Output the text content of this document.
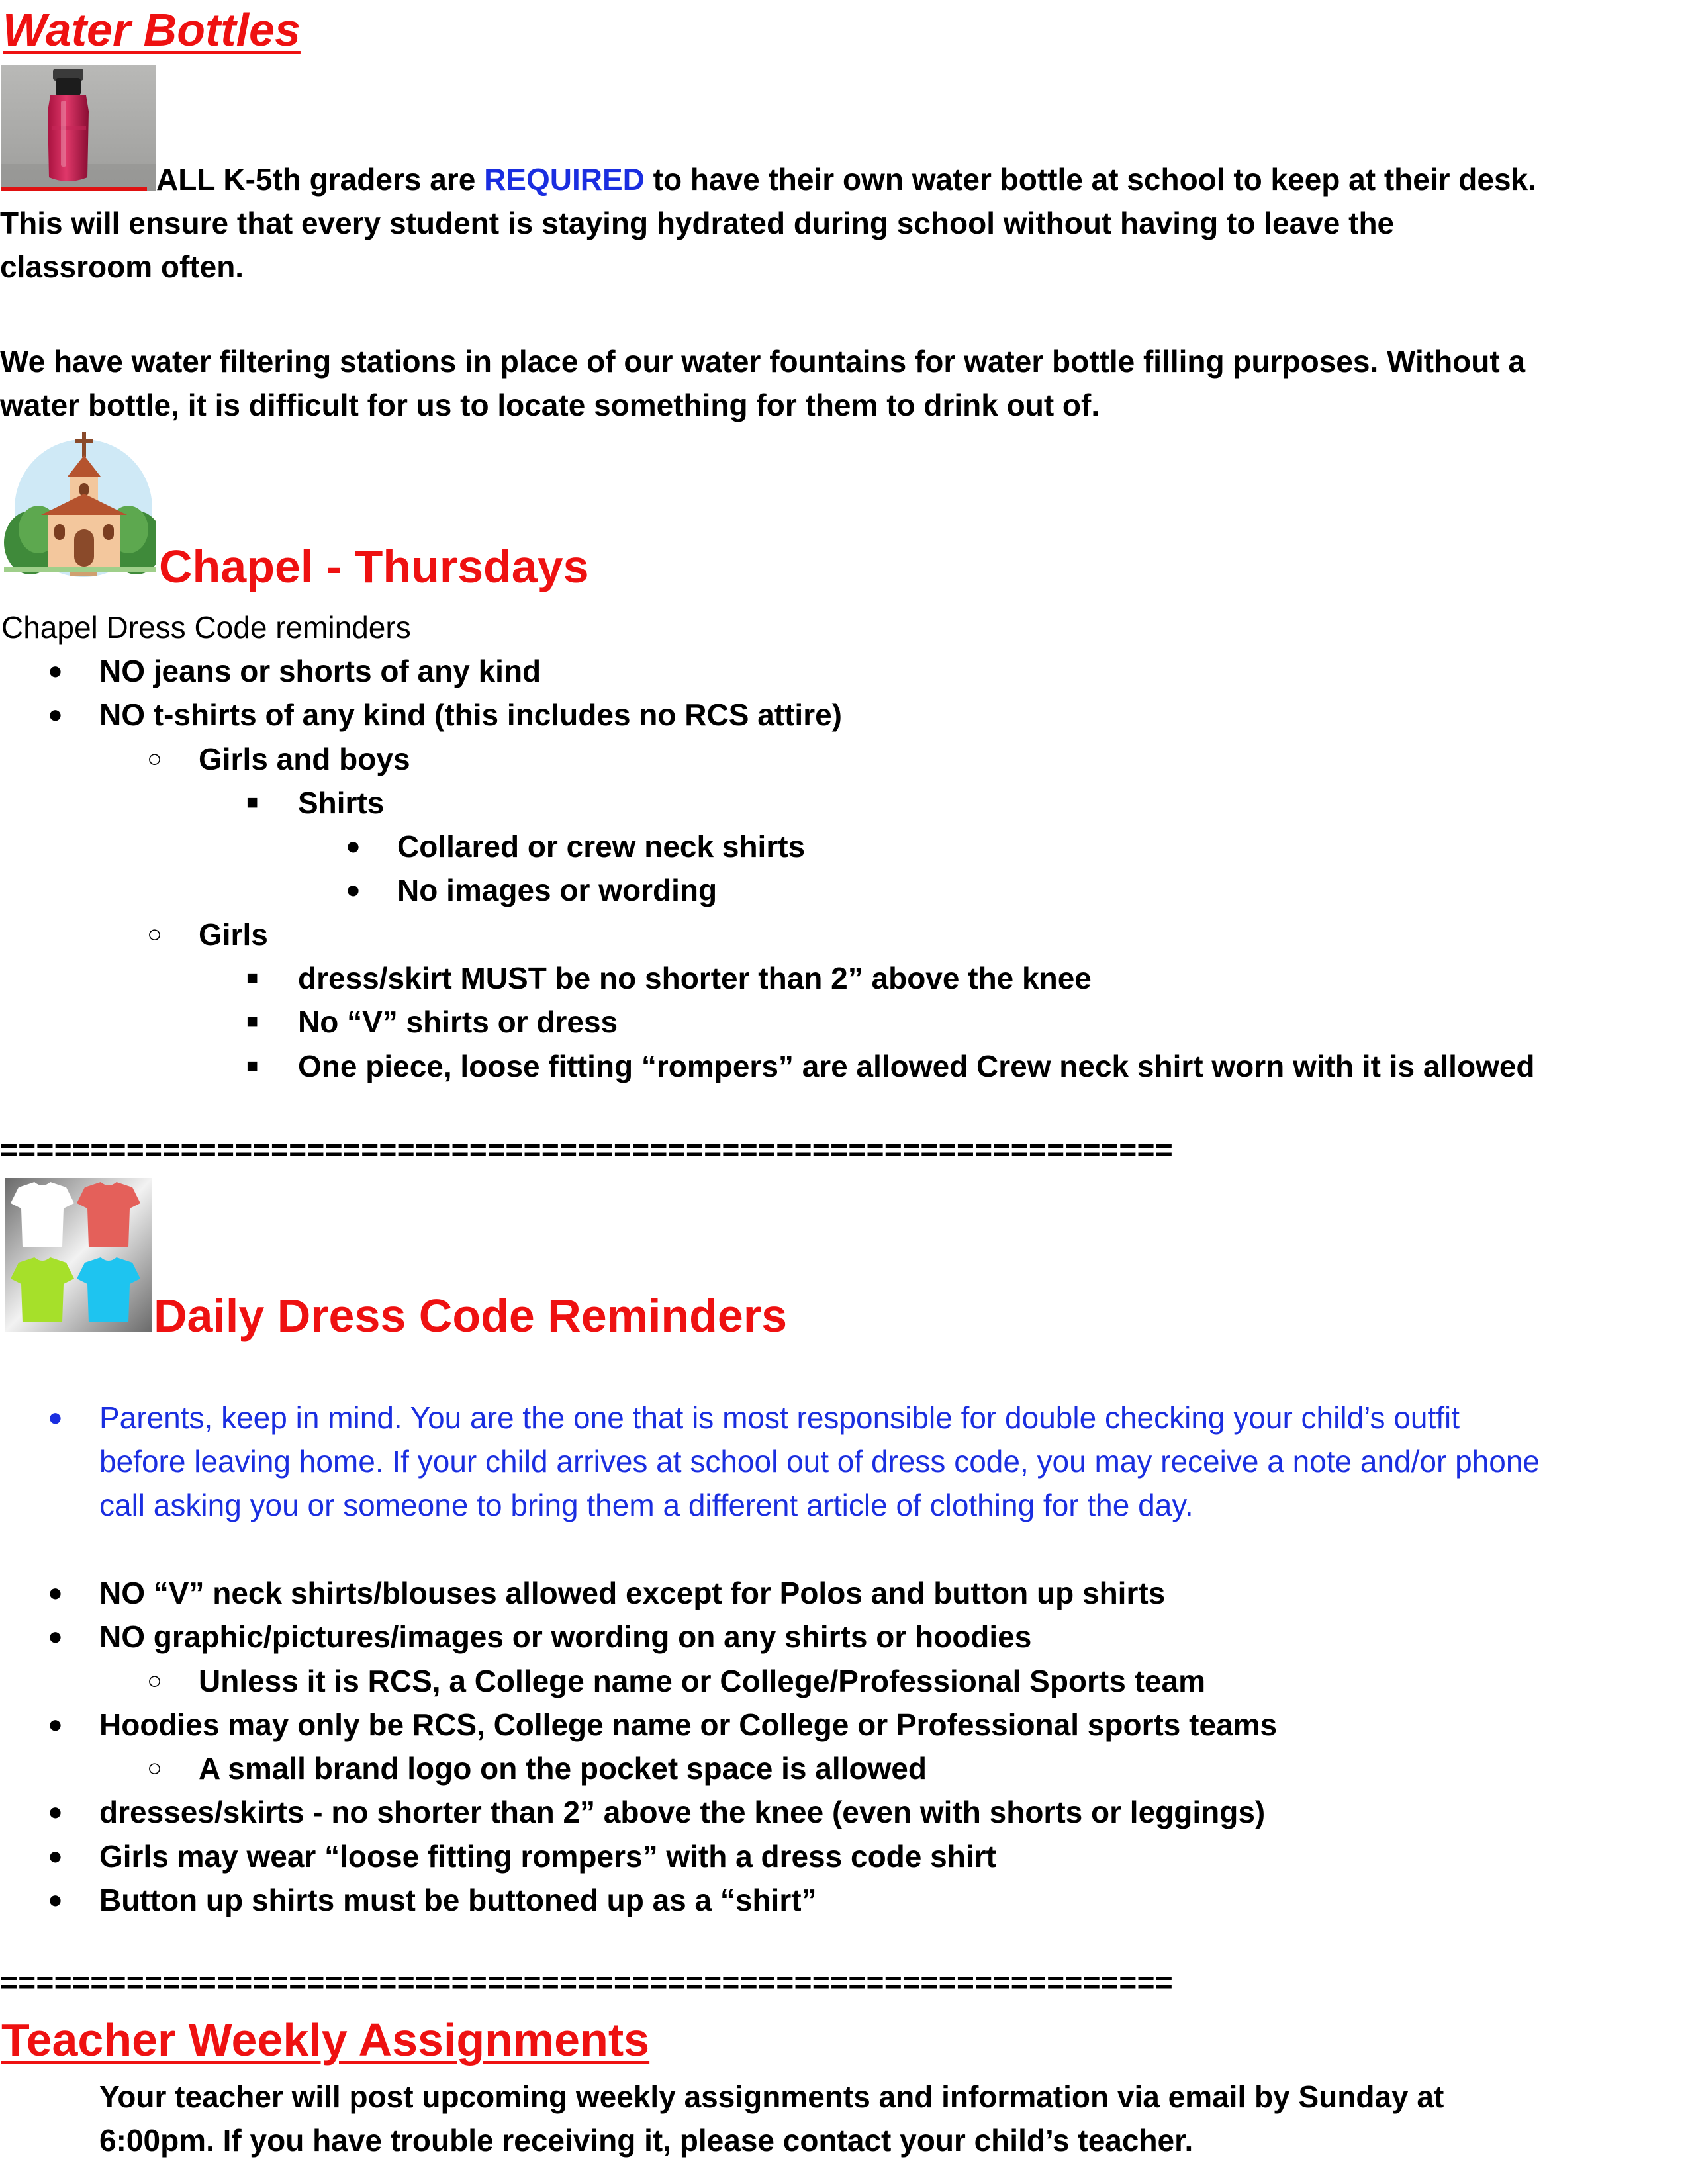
Water Bottles
ALL K-5th graders are REQUIRED to have their own water bottle at school to keep at their desk.
This will ensure that every student is staying hydrated during school without having to leave the
classroom often.
We have water filtering stations in place of our water fountains for water bottle filling purposes. Without a
water bottle, it is difficult for us to locate something for them to drink out of.
Chapel - Thursdays
Chapel Dress Code reminders
● NO jeans or shorts of any kind
● NO t-shirts of any kind (this includes no RCS attire)
○ Girls and boys
■ Shirts
● Collared or crew neck shirts
● No images or wording
○ Girls
■ dress/skirt MUST be no shorter than 2” above the knee
■ No “V” shirts or dress
■ One piece, loose fitting “rompers” are allowed Crew neck shirt worn with it is allowed
=================================================================
Daily Dress Code Reminders
● Parents, keep in mind. You are the one that is most responsible for double checking your child’s outfit
before leaving home. If your child arrives at school out of dress code, you may receive a note and/or phone
call asking you or someone to bring them a different article of clothing for the day.
● NO “V” neck shirts/blouses allowed except for Polos and button up shirts
● NO graphic/pictures/images or wording on any shirts or hoodies
○ Unless it is RCS, a College name or College/Professional Sports team
● Hoodies may only be RCS, College name or College or Professional sports teams
○ A small brand logo on the pocket space is allowed
● dresses/skirts - no shorter than 2” above the knee (even with shorts or leggings)
● Girls may wear “loose fitting rompers” with a dress code shirt
● Button up shirts must be buttoned up as a “shirt”
=================================================================
Teacher Weekly Assignments
Your teacher will post upcoming weekly assignments and information via email by Sunday at
6:00pm. If you have trouble receiving it, please contact your child’s teacher.
